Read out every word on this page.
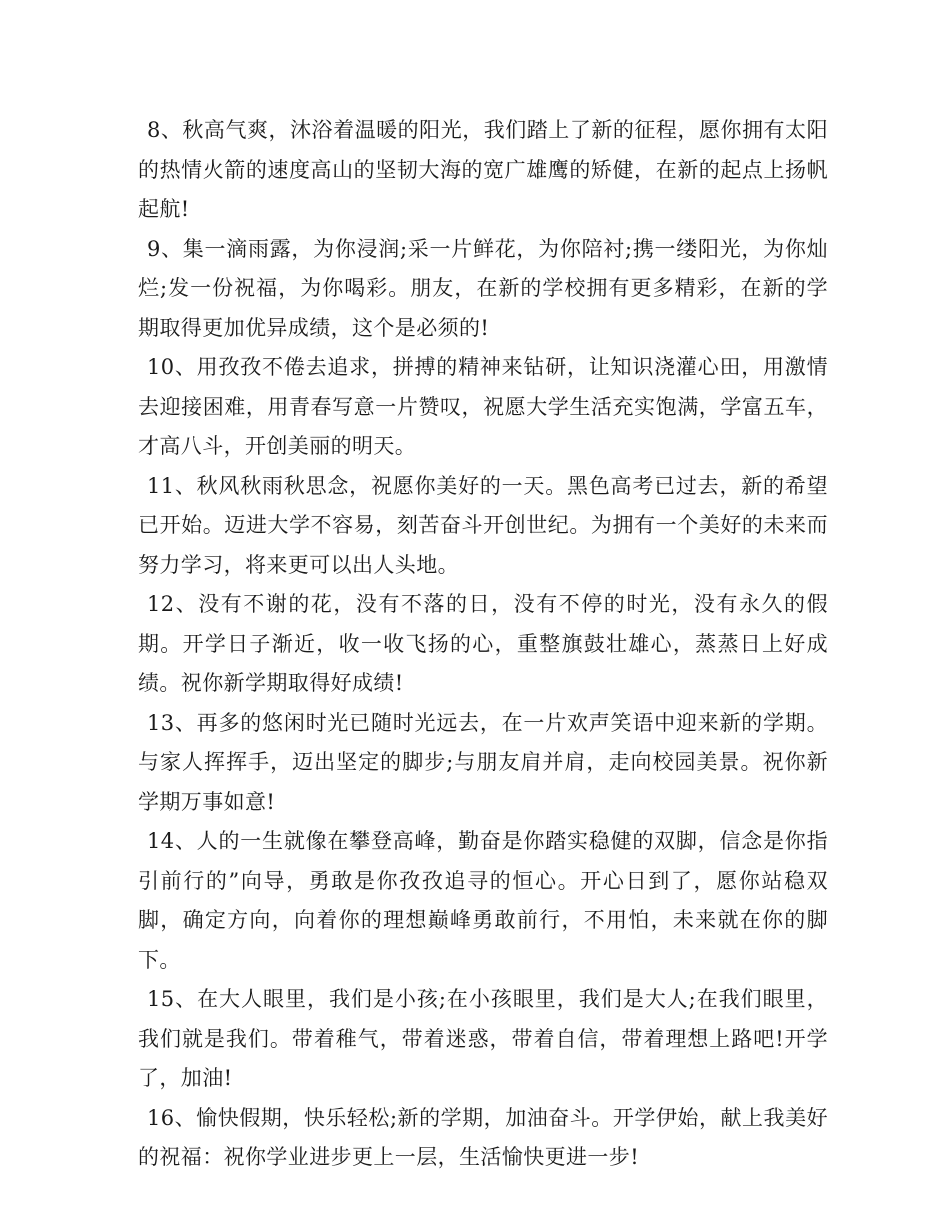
8、秋高气爽，沐浴着温暖的阳光，我们踏上了新的征程，愿你拥有太阳的热情火箭的速度高山的坚韧大海的宽广雄鹰的矫健，在新的起点上扬帆起航!

9、集一滴雨露，为你浸润;采一片鲜花，为你陪衬;携一缕阳光，为你灿烂;发一份祝福，为你喝彩。朋友，在新的学校拥有更多精彩，在新的学期取得更加优异成绩，这个是必须的!

10、用孜孜不倦去追求，拼搏的精神来钻研，让知识浇灌心田，用激情去迎接困难，用青春写意一片赞叹，祝愿大学生活充实饱满，学富五车，才高八斗，开创美丽的明天。

11、秋风秋雨秋思念，祝愿你美好的一天。黑色高考已过去，新的希望已开始。迈进大学不容易，刻苦奋斗开创世纪。为拥有一个美好的未来而努力学习，将来更可以出人头地。

12、没有不谢的花，没有不落的日，没有不停的时光，没有永久的假期。开学日子渐近，收一收飞扬的心，重整旗鼓壮雄心，蒸蒸日上好成绩。祝你新学期取得好成绩!

13、再多的悠闲时光已随时光远去，在一片欢声笑语中迎来新的学期。与家人挥挥手，迈出坚定的脚步;与朋友肩并肩，走向校园美景。祝你新学期万事如意!

14、人的一生就像在攀登高峰，勤奋是你踏实稳健的双脚，信念是你指引前行的”向导，勇敢是你孜孜追寻的恒心。开心日到了，愿你站稳双脚，确定方向，向着你的理想巅峰勇敢前行，不用怕，未来就在你的脚下。

15、在大人眼里，我们是小孩;在小孩眼里，我们是大人;在我们眼里，我们就是我们。带着稚气，带着迷惑，带着自信，带着理想上路吧!开学了，加油!

16、愉快假期，快乐轻松;新的学期，加油奋斗。开学伊始，献上我美好的祝福：祝你学业进步更上一层，生活愉快更进一步!
